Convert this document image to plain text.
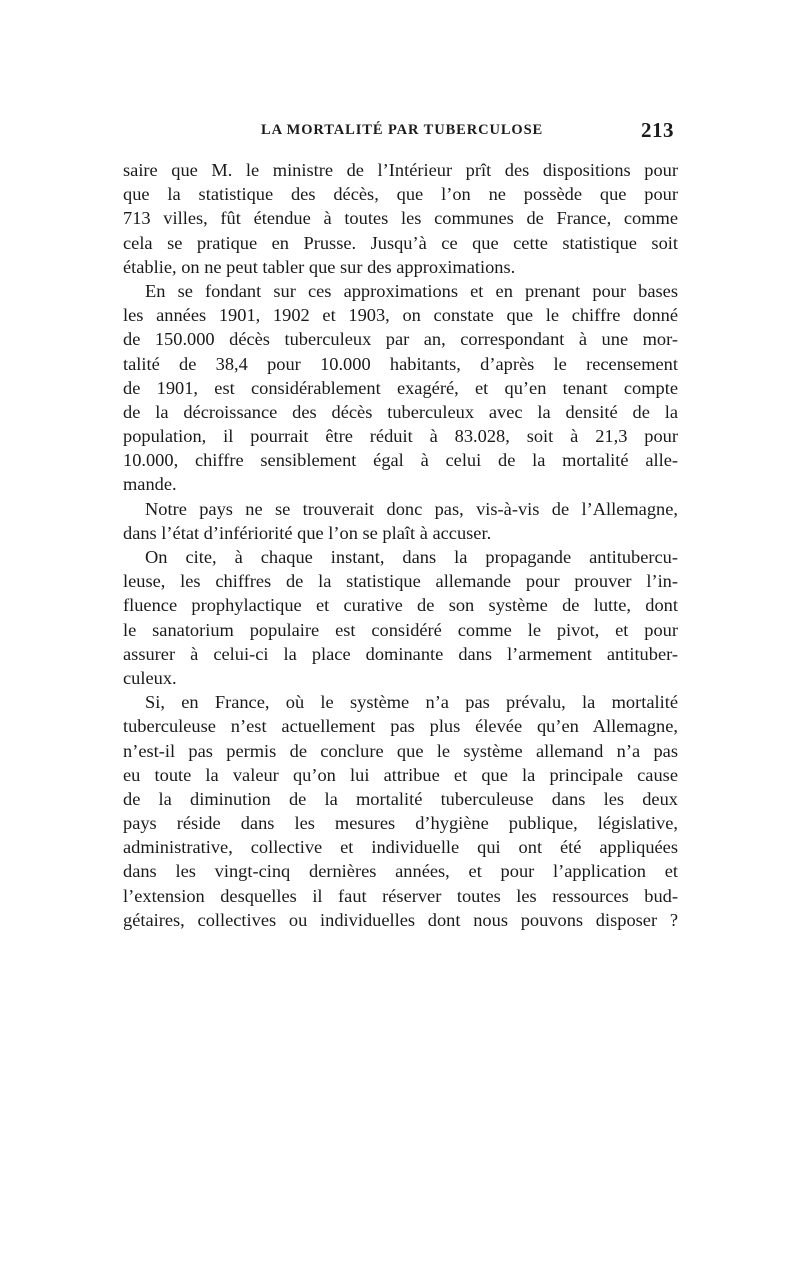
LA MORTALITÉ PAR TUBERCULOSE	213
saire que M. le ministre de l’Intérieur prît des dispositions pour
que la statistique des décès, que l’on ne possède que pour
713 villes, fût étendue à toutes les communes de France, comme
cela se pratique en Prusse. Jusqu’à ce que cette statistique soit
établie, on ne peut tabler que sur des approximations.
En se fondant sur ces approximations et en prenant pour bases
les années 1901, 1902 et 1903, on constate que le chiffre donné
de 150.000 décès tuberculeux par an, correspondant à une mor-
talité de 38,4 pour 10.000 habitants, d’après le recensement
de 1901, est considérablement exagéré, et qu’en tenant compte
de la décroissance des décès tuberculeux avec la densité de la
population, il pourrait être réduit à 83.028, soit à 21,3 pour
10.000, chiffre sensiblement égal à celui de la mortalité alle-
mande.
Notre pays ne se trouverait donc pas, vis-à-vis de l’Allemagne,
dans l’état d’infériorité que l’on se plaît à accuser.
On cite, à chaque instant, dans la propagande antitubercu-
leuse, les chiffres de la statistique allemande pour prouver l’in-
fluence prophylactique et curative de son système de lutte, dont
le sanatorium populaire est considéré comme le pivot, et pour
assurer à celui-ci la place dominante dans l’armement antituber-
culeux.
Si, en France, où le système n’a pas prévalu, la mortalité
tuberculeuse n’est actuellement pas plus élevée qu’en Allemagne,
n’est-il pas permis de conclure que le système allemand n’a pas
eu toute la valeur qu’on lui attribue et que la principale cause
de la diminution de la mortalité tuberculeuse dans les deux
pays réside dans les mesures d’hygiène publique, législative,
administrative, collective et individuelle qui ont été appliquées
dans les vingt-cinq dernières années, et pour l’application et
l’extension desquelles il faut réserver toutes les ressources bud-
gétaires, collectives ou individuelles dont nous pouvons disposer ?
